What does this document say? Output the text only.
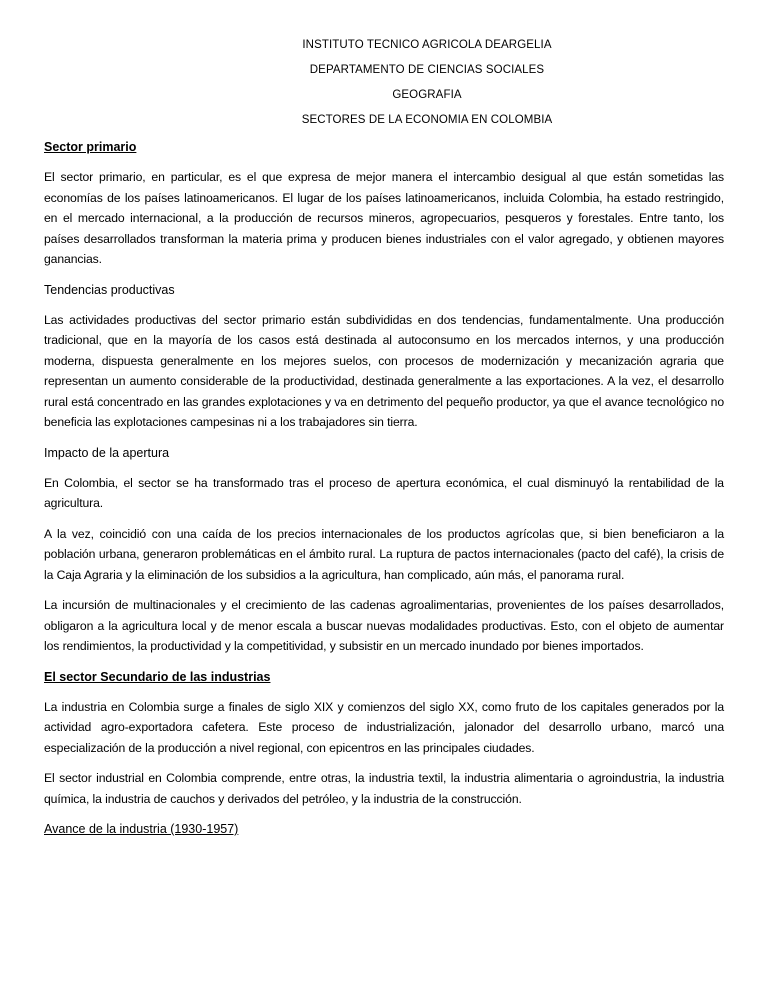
INSTITUTO TECNICO AGRICOLA DEARGELIA
DEPARTAMENTO DE CIENCIAS SOCIALES
GEOGRAFIA
SECTORES DE LA ECONOMIA EN COLOMBIA
Sector primario

El sector primario, en particular, es el que expresa de mejor manera el intercambio desigual al que están sometidas las economías de los países latinoamericanos. El lugar de los países latinoamericanos, incluida Colombia, ha estado restringido, en el mercado internacional, a la producción de recursos mineros, agropecuarios, pesqueros y forestales. Entre tanto, los países desarrollados transforman la materia prima y producen bienes industriales con el valor agregado, y obtienen mayores ganancias.

Tendencias productivas

Las actividades productivas del sector primario están subdivididas en dos tendencias, fundamentalmente. Una producción tradicional, que en la mayoría de los casos está destinada al autoconsumo en los mercados internos, y una producción moderna, dispuesta generalmente en los mejores suelos, con procesos de modernización y mecanización agraria que representan un aumento considerable de la productividad, destinada generalmente a las exportaciones. A la vez, el desarrollo rural está concentrado en las grandes explotaciones y va en detrimento del pequeño productor, ya que el avance tecnológico no beneficia las explotaciones campesinas ni a los trabajadores sin tierra.

Impacto de la apertura

En Colombia, el sector se ha transformado tras el proceso de apertura económica, el cual disminuyó la rentabilidad de la agricultura.

A la vez, coincidió con una caída de los precios internacionales de los productos agrícolas que, si bien beneficiaron a la población urbana, generaron problemáticas en el ámbito rural. La ruptura de pactos internacionales (pacto del café), la crisis de la Caja Agraria y la eliminación de los subsidios a la agricultura, han complicado, aún más, el panorama rural.

La incursión de multinacionales y el crecimiento de las cadenas agroalimentarias, provenientes de los países desarrollados, obligaron a la agricultura local y de menor escala a buscar nuevas modalidades productivas. Esto, con el objeto de aumentar los rendimientos, la productividad y la competitividad, y subsistir en un mercado inundado por bienes importados.

El sector Secundario de las industrias

La industria en Colombia surge a finales de siglo XIX y comienzos del siglo XX, como fruto de los capitales generados por la actividad agro-exportadora cafetera. Este proceso de industrialización, jalonador del desarrollo urbano, marcó una especialización de la producción a nivel regional, con epicentros en las principales ciudades.

El sector industrial en Colombia comprende, entre otras, la industria textil, la industria alimentaria o agroindustria, la industria química, la industria de cauchos y derivados del petróleo, y la industria de la construcción.

Avance de la industria (1930-1957)
